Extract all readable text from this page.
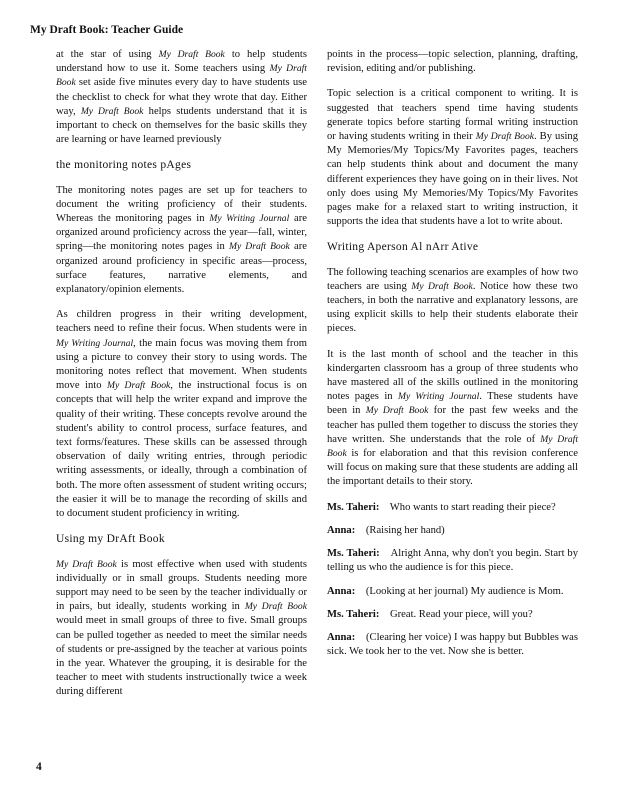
My Draft Book: Teacher Guide

at the star of using My Draft Book to help students understand how to use it. Some teachers using My Draft Book set aside five minutes every day to have students use the checklist to check for what they wrote that day. Either way, My Draft Book helps students understand that it is important to check on themselves for the basic skills they are learning or have learned previously

the monitoring notes pAges

The monitoring notes pages are set up for teachers to document the writing proficiency of their students. Whereas the monitoring pages in My Writing Journal are organized around proficiency across the year—fall, winter, spring—the monitoring notes pages in My Draft Book are organized around proficiency in specific areas—process, surface features, narrative elements, and explanatory/opinion elements.

As children progress in their writing development, teachers need to refine their focus. When students were in My Writing Journal, the main focus was moving them from using a picture to convey their story to using words. The monitoring notes reflect that movement. When students move into My Draft Book, the instructional focus is on concepts that will help the writer expand and improve the quality of their writing. These concepts revolve around the student's ability to control process, surface features, and text forms/features. These skills can be assessed through observation of daily writing entries, through periodic writing assessments, or ideally, through a combination of both. The more often assessment of student writing occurs; the easier it will be to manage the recording of skills and to document student proficiency in writing.

Using my DrAft Book

My Draft Book is most effective when used with students individually or in small groups. Students needing more support may need to be seen by the teacher individually or in pairs, but ideally, students working in My Draft Book would meet in small groups of three to five. Small groups can be pulled together as needed to meet the similar needs of students or pre-assigned by the teacher at various points in the year. Whatever the grouping, it is desirable for the teacher to meet with students instructionally twice a week during different

points in the process—topic selection, planning, drafting, revision, editing and/or publishing.

Topic selection is a critical component to writing. It is suggested that teachers spend time having students generate topics before starting formal writing instruction or having students writing in their My Draft Book. By using My Memories/My Topics/My Favorites pages, teachers can help students think about and document the many different experiences they have going on in their lives. Not only does using My Memories/My Topics/My Favorites pages make for a relaxed start to writing instruction, it supports the idea that students have a lot to write about.

Writing Aperson Al nArr Ative

The following teaching scenarios are examples of how two teachers are using My Draft Book. Notice how these two teachers, in both the narrative and explanatory lessons, are using explicit skills to help their students elaborate their pieces.

It is the last month of school and the teacher in this kindergarten classroom has a group of three students who have mastered all of the skills outlined in the monitoring notes pages in My Writing Journal. These students have been in My Draft Book for the past few weeks and the teacher has pulled them together to discuss the stories they have written. She understands that the role of My Draft Book is for elaboration and that this revision conference will focus on making sure that these students are adding all the important details to their story.

Ms. Taheri: Who wants to start reading their piece?

Anna: (Raising her hand)

Ms. Taheri: Alright Anna, why don't you begin. Start by telling us who the audience is for this piece.

Anna: (Looking at her journal) My audience is Mom.

Ms. Taheri: Great. Read your piece, will you?

Anna: (Clearing her voice) I was happy but Bubbles was sick. We took her to the vet. Now she is better.

4
